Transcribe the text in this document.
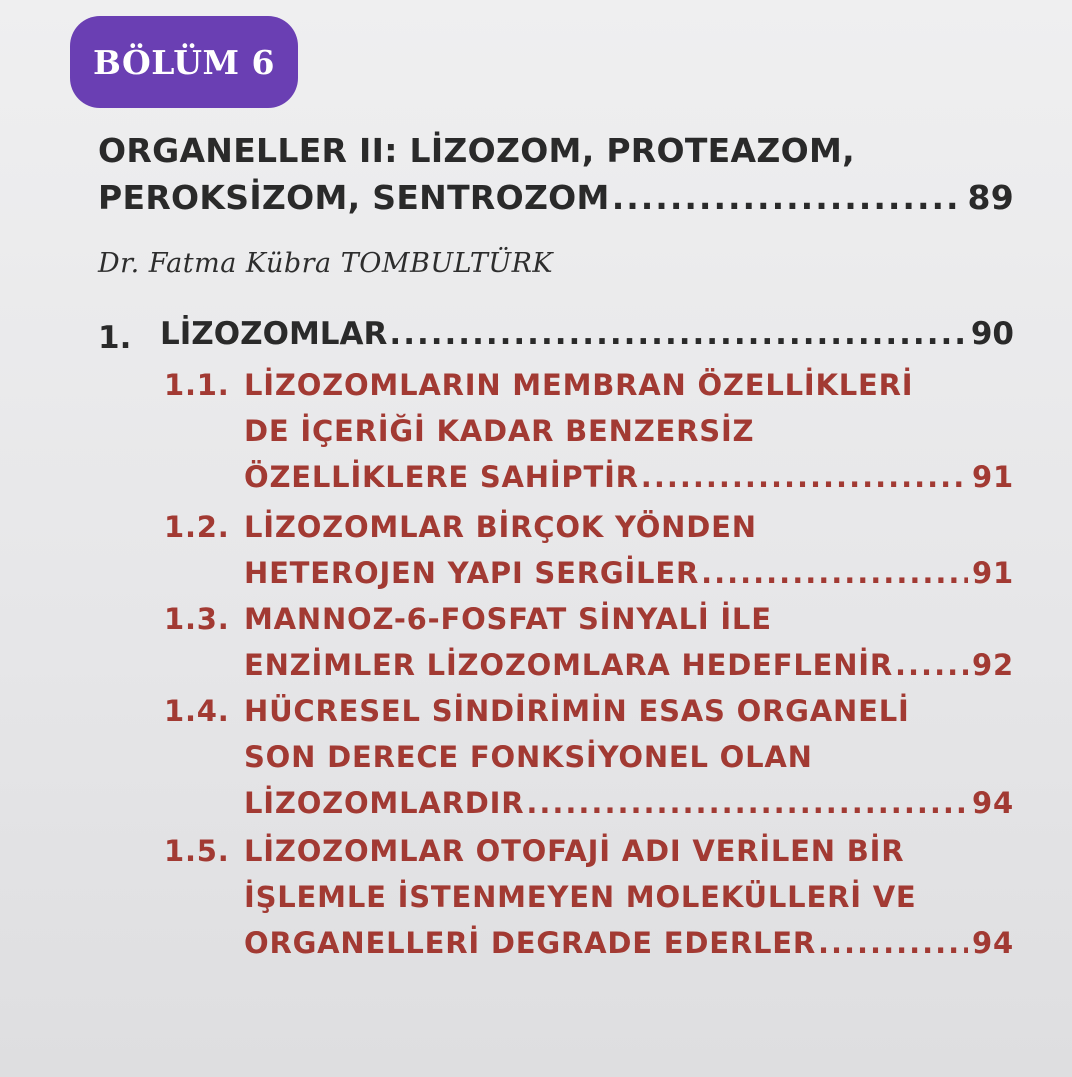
BÖLÜM 6
ORGANELLER II: LİZOZOM, PROTEAZOM,
PEROKSİZOM, SENTROZOM .....	89
Dr. Fatma Kübra TOMBULTÜRK
1. LİZOZOMLAR .....	90
1.1. LİZOZOMLARIN MEMBRAN ÖZELLİKLERİ
DE İÇERİĞİ KADAR BENZERSİZ
ÖZELLİKLERE SAHİPTİR .....	91
1.2. LİZOZOMLAR BİRÇOK YÖNDEN
HETEROJEN YAPI SERGİLER .....	91
1.3. MANNOZ-6-FOSFAT SİNYALİ İLE
ENZİMLER LİZOZOMLARA HEDEFLENİR .....	92
1.4. HÜCRESEL SİNDİRİMİN ESAS ORGANELİ
SON DERECE FONKSİYONEL OLAN
LİZOZOMLARDIR .....	94
1.5. LİZOZOMLAR OTOFAJİ ADI VERİLEN BİR
İŞLEMLE İSTENMEYEN MOLEKÜLLERİ VE
ORGANELLERİ DEGRADE EDERLER .....	94
